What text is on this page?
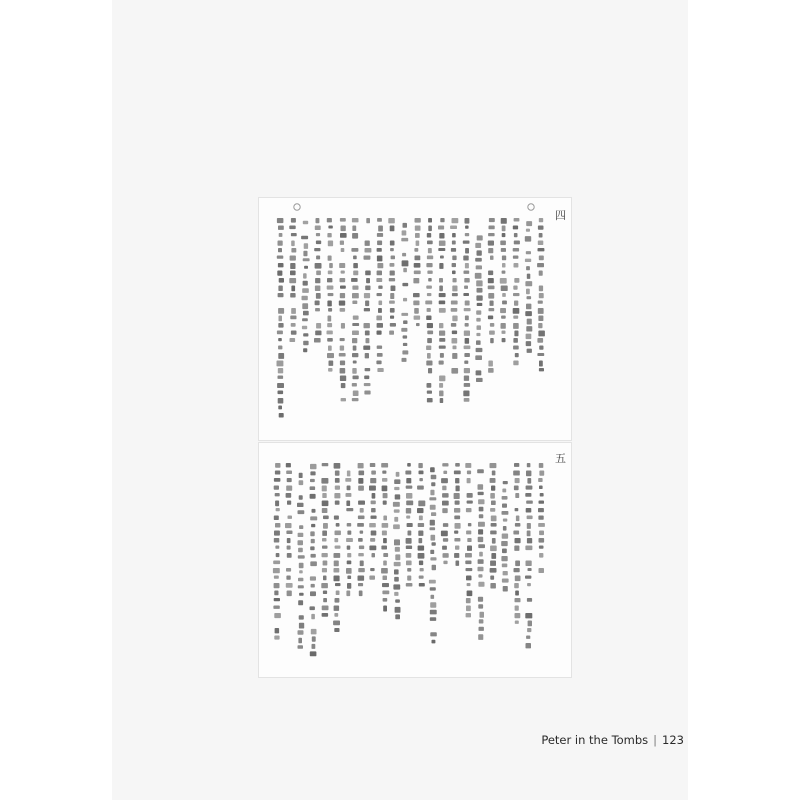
四
五
Peter in the Tombs | 123
